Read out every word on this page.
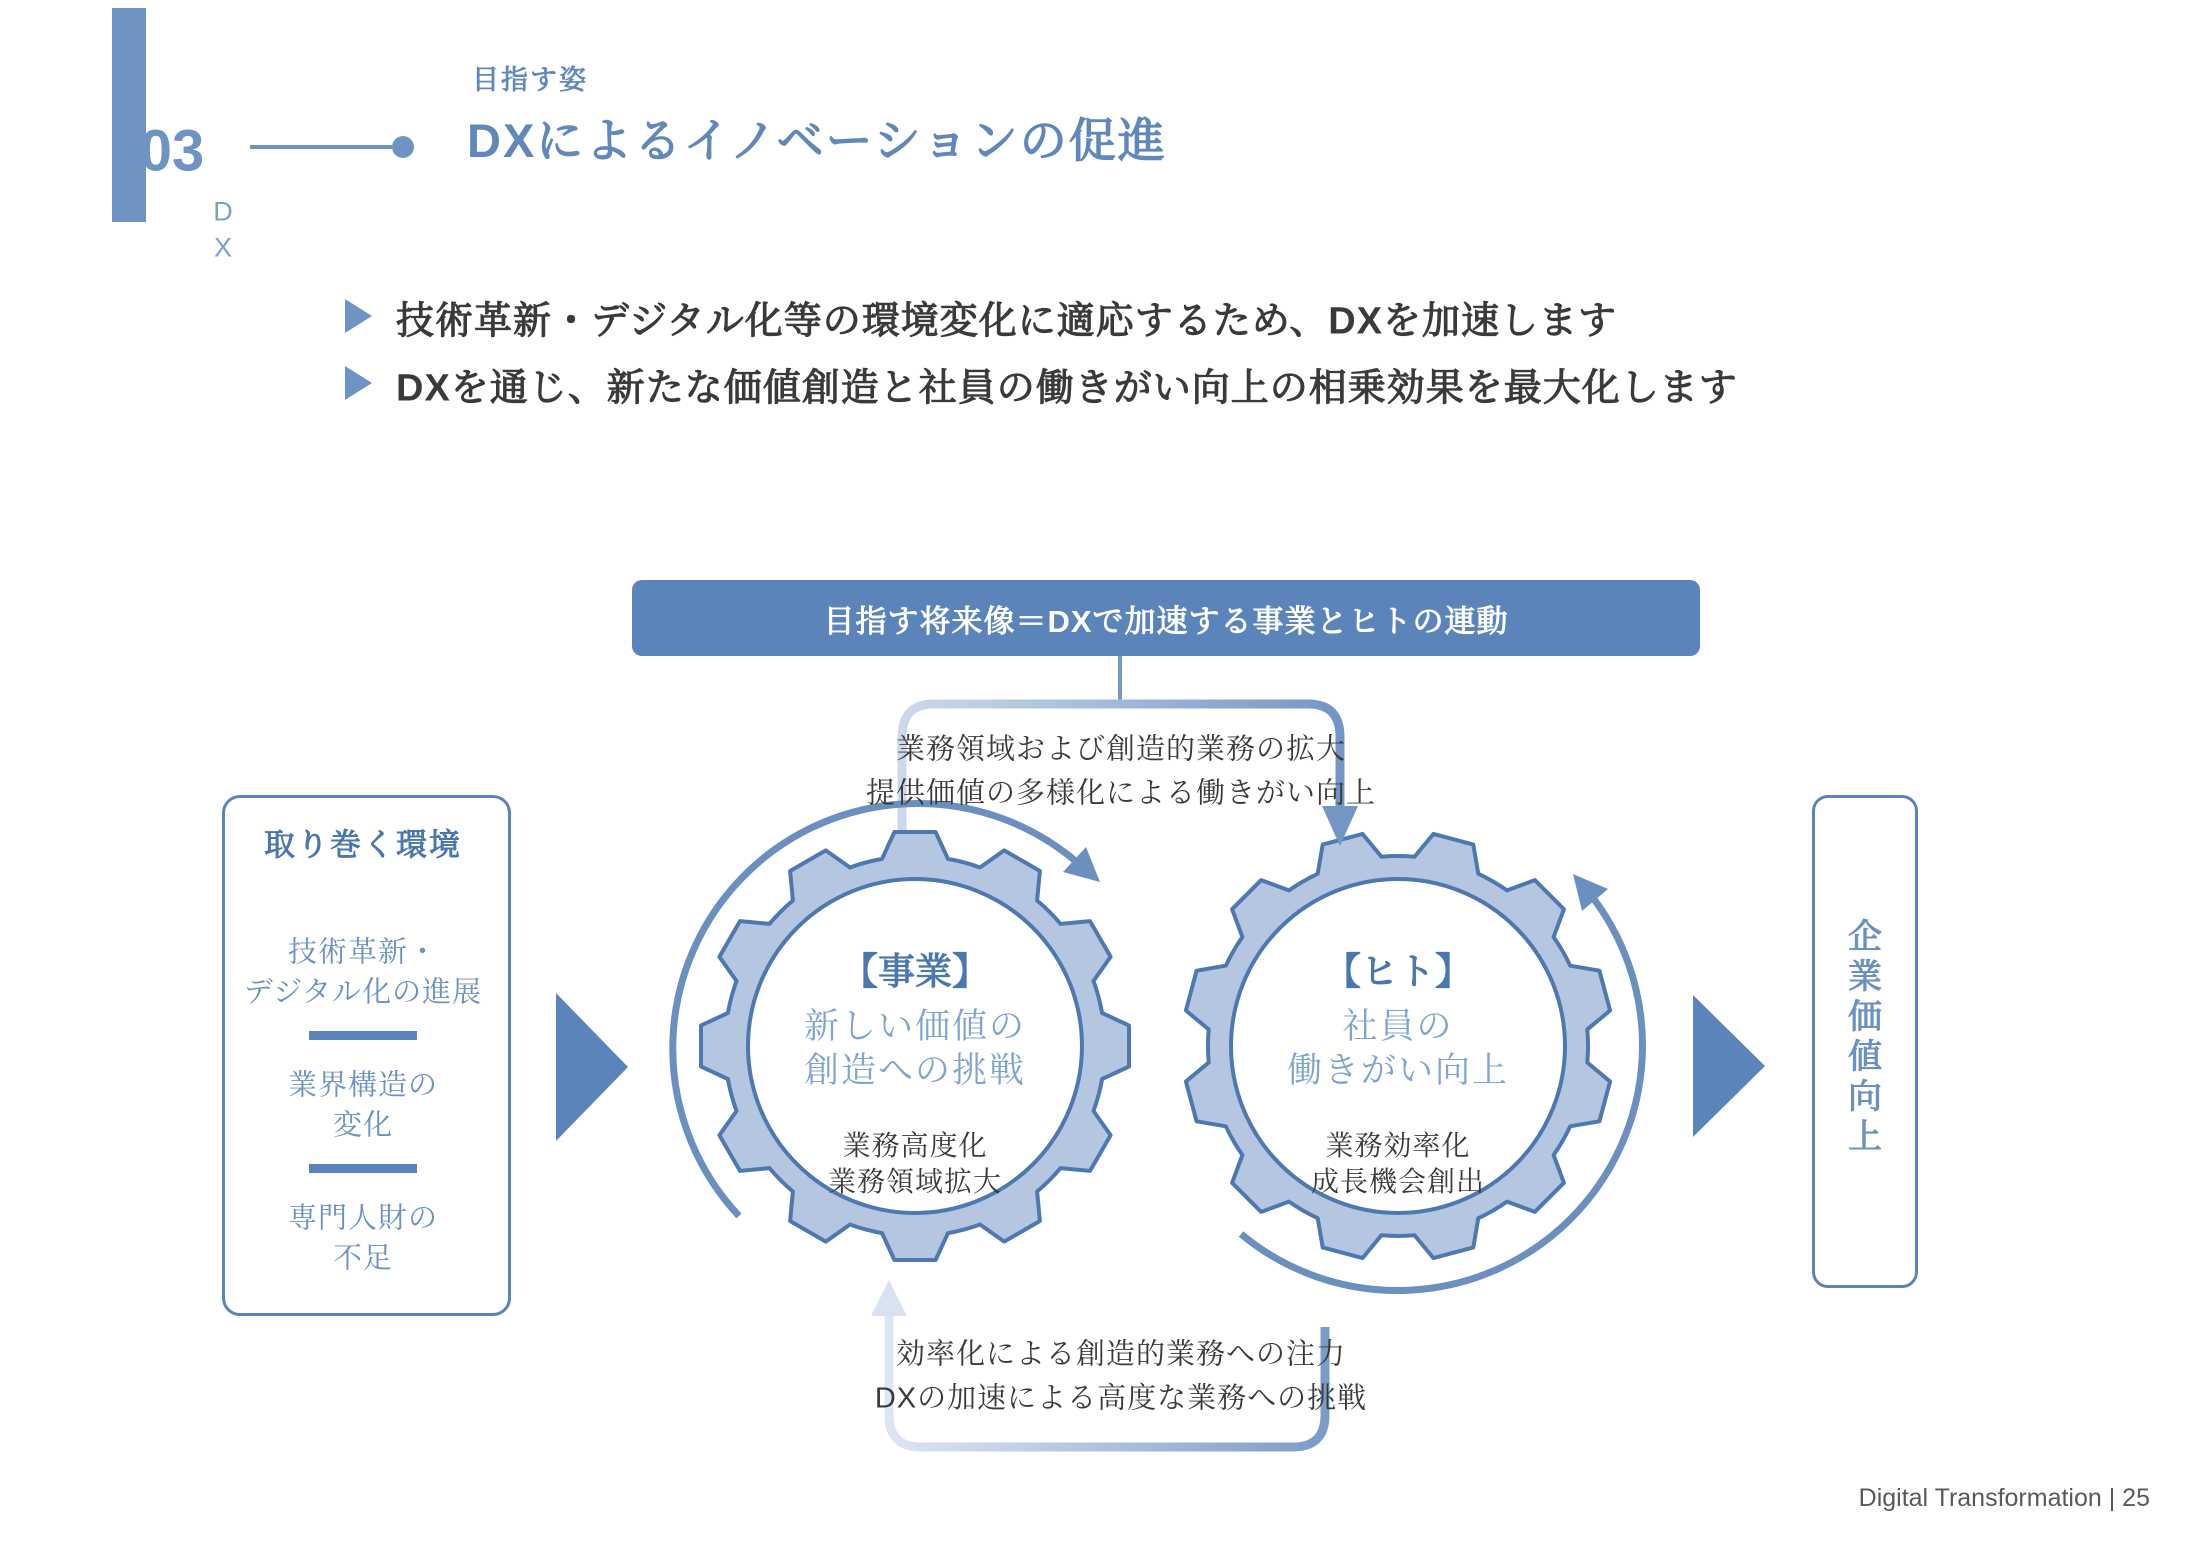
03
D
X
目指す姿
DXによるイノベーションの促進
技術革新・デジタル化等の環境変化に適応するため、DXを加速します
DXを通じ、新たな価値創造と社員の働きがい向上の相乗効果を最大化します
目指す将来像＝DXで加速する事業とヒトの連動
業務領域および創造的業務の拡大
提供価値の多様化による働きがい向上
効率化による創造的業務への注力
DXの加速による高度な業務への挑戦
取り巻く環境
技術革新・
デジタル化の進展
業界構造の
変化
専門人財の
不足
【事業】
新しい価値の
創造への挑戦
業務高度化
業務領域拡大
【ヒト】
社員の
働きがい向上
業務効率化
成長機会創出
企業価値向上
Digital Transformation | 25
